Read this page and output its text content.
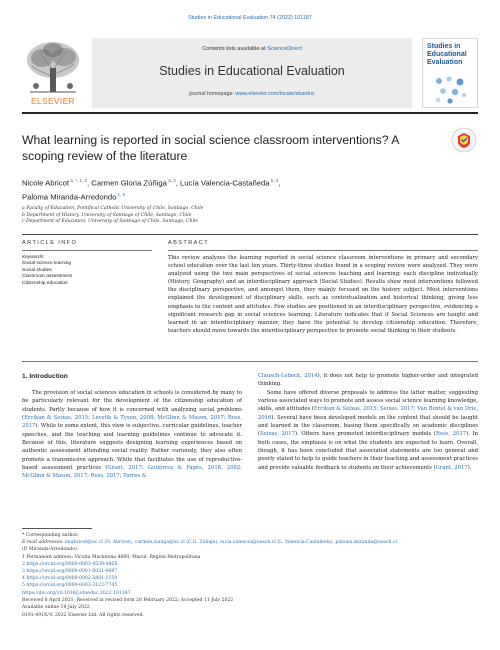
Studies in Educational Evaluation 74 (2022) 101187
ELSEVIER
Contents lists available at ScienceDirect
Studies in Educational Evaluation
journal homepage: www.elsevier.com/locate/stueduc
Studies in Educational Evaluation
What learning is reported in social science classroom interventions? A
scoping review of the literature
Nicole Abricot $^{a, *, 1, 2}$, Carmen Gloria Zúñiga $^{a, 3}$, Lucía Valencia-Castañeda $^{b, 4}$,
Paloma Miranda-Arredondo $^{c, 5}$
a Faculty of Education, Pontifical Catholic University of Chile, Santiago, Chile
b Department of History, University of Santiago of Chile, Santiago, Chile
c Department of Education, University of Santiago of Chile, Santiago, Chile
ARTICLE INFO	ABSTRACT
Keywords:
Social science learning
Social studies
Classroom assessment
Citizenship education
This review analyzes the learning reported in social science classroom interventions in primary and secondary school education over the last ten years. Thirty-three studies found in a scoping review were analyzed. They were analyzed using the two main perspectives of social sciences teaching and learning: each discipline individually (History, Geography) and an interdisciplinary approach (Social Studies). Results show most interventions followed the disciplinary perspective, and amongst them, they mainly focused on the history subject. Most interventions explained the development of disciplinary skills, such as contextualization and historical thinking, giving less emphasis to the content and attitudes. Few studies are positioned in an interdisciplinary perspective, evidencing a significant research gap in social sciences learning. Literature indicates that if Social Sciences are taught and learned in an interdisciplinary manner, they have the potential to develop citizenship education. Therefore, teachers should move towards the interdisciplinary perspective to promote social thinking in their students.
1. Introduction
The provision of social sciences education in schools is considered by many to be particularly relevant for the development of the citizenship education of students. Partly because of how it is concerned with analyzing social problems (Ercikan & Seixas, 2015; Levstik & Tyson, 2008; McGlinn & Mason, 2017; Ross, 2017). While to some extent, this view is subjective, curricular guidelines, teacher speeches, and the teaching and learning guidelines continue to advocate it. Because of this, literature suggests designing learning experiences based on authentic assessment attending social reality. Rather curiously, they also often promote a transmissive approach. While that facilitates the use of reproductive-based assessment practices (Grant, 2017; Gutiérrez & Pagès, 2018, 2002; McGlinn & Mason, 2017; Ross, 2017; Torres &
Clausch-Lebeck, 2014), it does not help to promote higher-order and integrated thinking.
Some have offered diverse proposals to address the latter matter, suggesting various associated ways to promote and assess social science learning knowledge, skills, and attitudes (Ercikan & Seixas, 2015; Seixas, 2017; Van Boxtel & van Drie, 2016). Several have been developed models on the content that should be taught and learned in the classroom, basing them specifically on academic disciplines (Seixas, 2017). Others have promoted interdisciplinary models (Ross, 2017). In both cases, the emphasis is on what the students are expected to learn. Overall, though, it has been concluded that associated statements are too general and poorly stated to help to guide teachers in their teaching and assessment practices and provide valuable feedback to students on their achievements (Grant, 2017).
* Corresponding author.
E-mail addresses: nnabricot@uc.cl (N. Abricot), carmen.zuniga@uc.cl (C.G. Zúñiga), lucia.valencia@usach.cl (L. Valencia-Castañeda), paloma.miranda@usach.cl
(P. Miranda-Arredondo).
1 Permanent address: Vicuña Mackenna 4860, Macul, Región Metropolitana
2 https://orcid.org/0000-0003-4539-486X
3 https://orcid.org/0000-0001-6031-9687
4 https://orcid.org/0000-0002-5881-1150
5 https://orcid.org/0000-0003-3122-7745
https://doi.org/10.1016/j.stueduc.2022.101187
Received 8 April 2021; Received in revised form 28 February 2022; Accepted 11 July 2022
Available online 19 July 2022
0191-491X/© 2022 Elsevier Ltd. All rights reserved.
